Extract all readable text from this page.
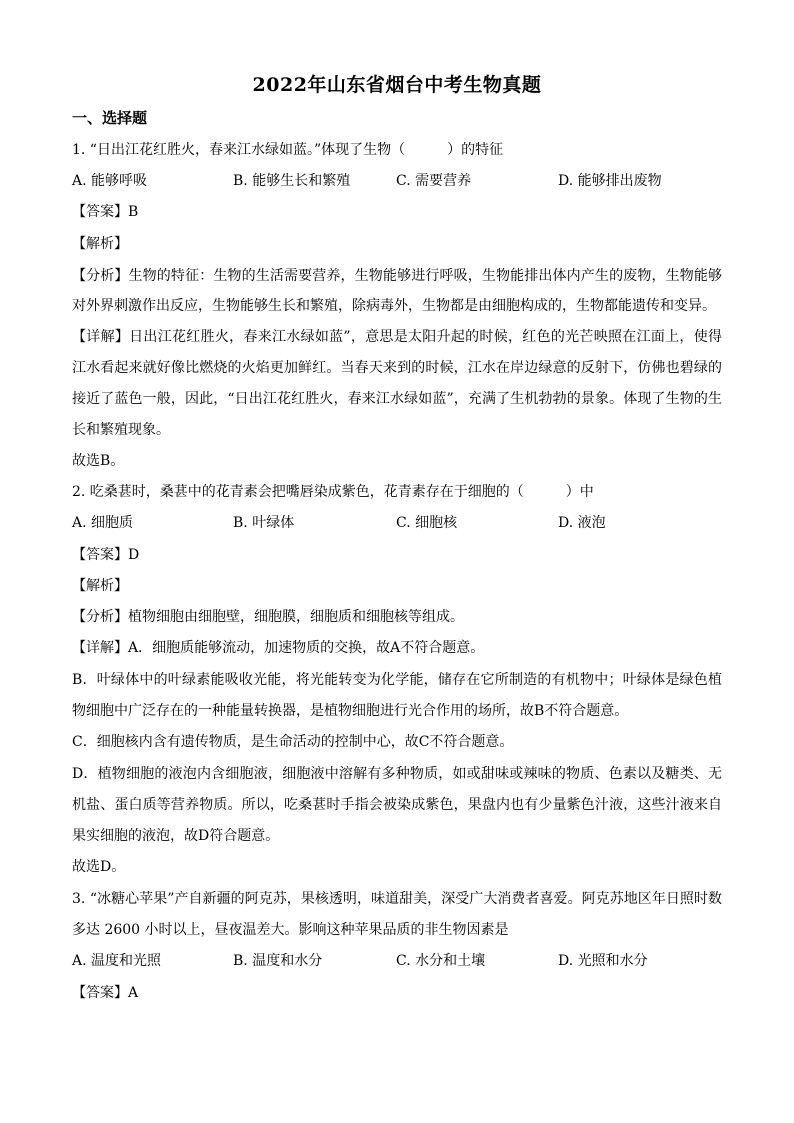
2022年山东省烟台中考生物真题
一、选择题
1. “日出江花红胜火，春来江水绿如蓝。”体现了生物（　　　）的特征
A. 能够呼吸	B. 能够生长和繁殖	C. 需要营养	D. 能够排出废物
【答案】B
【解析】
【分析】生物的特征：生物的生活需要营养，生物能够进行呼吸，生物能排出体内产生的废物，生物能够
对外界刺激作出反应，生物能够生长和繁殖，除病毒外，生物都是由细胞构成的，生物都能遗传和变异。
【详解】日出江花红胜火，春来江水绿如蓝”，意思是太阳升起的时候，红色的光芒映照在江面上，使得
江水看起来就好像比燃烧的火焰更加鲜红。当春天来到的时候，江水在岸边绿意的反射下，仿佛也碧绿的
接近了蓝色一般，因此，“日出江花红胜火，春来江水绿如蓝”，充满了生机勃勃的景象。体现了生物的生
长和繁殖现象。
故选B。
2. 吃桑葚时，桑葚中的花青素会把嘴唇染成紫色，花青素存在于细胞的（　　　）中
A. 细胞质	B. 叶绿体	C. 细胞核	D. 液泡
【答案】D
【解析】
【分析】植物细胞由细胞壁，细胞膜，细胞质和细胞核等组成。
【详解】A．细胞质能够流动，加速物质的交换，故A不符合题意。
B．叶绿体中的叶绿素能吸收光能，将光能转变为化学能，储存在它所制造的有机物中；叶绿体是绿色植
物细胞中广泛存在的一种能量转换器，是植物细胞进行光合作用的场所，故B不符合题意。
C．细胞核内含有遗传物质，是生命活动的控制中心，故C不符合题意。
D．植物细胞的液泡内含细胞液，细胞液中溶解有多种物质，如或甜味或辣味的物质、色素以及糖类、无
机盐、蛋白质等营养物质。所以，吃桑葚时手指会被染成紫色，果盘内也有少量紫色汁液，这些汁液来自
果实细胞的液泡，故D符合题意。
故选D。
3. “冰糖心苹果”产自新疆的阿克苏，果核透明，味道甜美，深受广大消费者喜爱。阿克苏地区年日照时数
多达 2600 小时以上，昼夜温差大。影响这种苹果品质的非生物因素是
A. 温度和光照	B. 温度和水分	C. 水分和土壤	D. 光照和水分
【答案】A
